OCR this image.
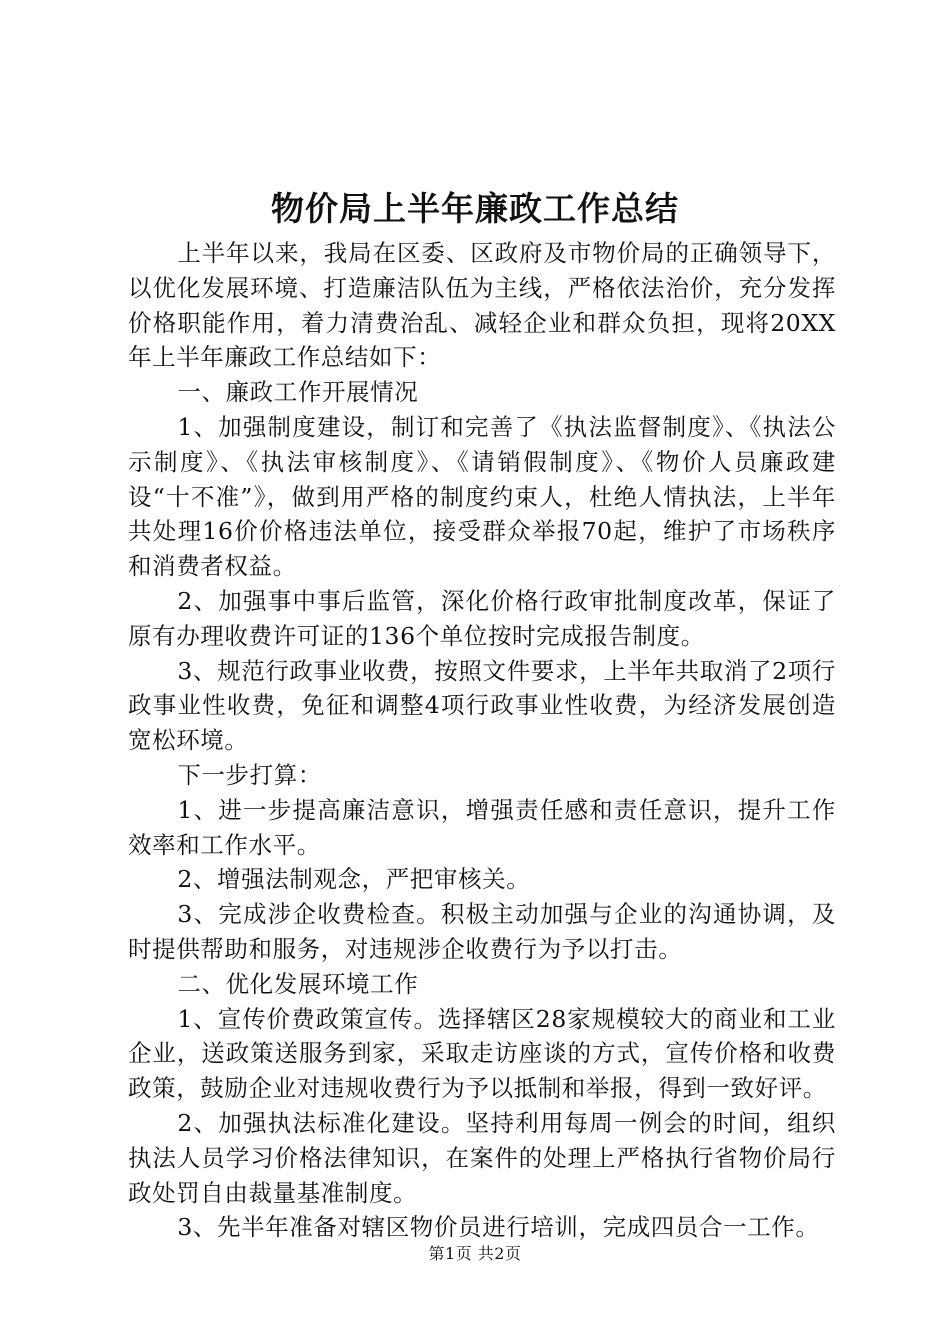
物价局上半年廉政工作总结

上半年以来，我局在区委、区政府及市物价局的正确领导下，以优化发展环境、打造廉洁队伍为主线，严格依法治价，充分发挥价格职能作用，着力清费治乱、减轻企业和群众负担，现将20XX年上半年廉政工作总结如下：

一、廉政工作开展情况

1、加强制度建设，制订和完善了《执法监督制度》、《执法公示制度》、《执法审核制度》、《请销假制度》、《物价人员廉政建设“十不准”》，做到用严格的制度约束人，杜绝人情执法，上半年共处理16价价格违法单位，接受群众举报70起，维护了市场秩序和消费者权益。

2、加强事中事后监管，深化价格行政审批制度改革，保证了原有办理收费许可证的136个单位按时完成报告制度。

3、规范行政事业收费，按照文件要求，上半年共取消了2项行政事业性收费，免征和调整4项行政事业性收费，为经济发展创造宽松环境。

下一步打算：

1、进一步提高廉洁意识，增强责任感和责任意识，提升工作效率和工作水平。

2、增强法制观念，严把审核关。

3、完成涉企收费检查。积极主动加强与企业的沟通协调，及时提供帮助和服务，对违规涉企收费行为予以打击。

二、优化发展环境工作

1、宣传价费政策宣传。选择辖区28家规模较大的商业和工业企业，送政策送服务到家，采取走访座谈的方式，宣传价格和收费政策，鼓励企业对违规收费行为予以抵制和举报，得到一致好评。

2、加强执法标准化建设。坚持利用每周一例会的时间，组织执法人员学习价格法律知识，在案件的处理上严格执行省物价局行政处罚自由裁量基准制度。

3、先半年准备对辖区物价员进行培训，完成四员合一工作。

第1页 共2页
